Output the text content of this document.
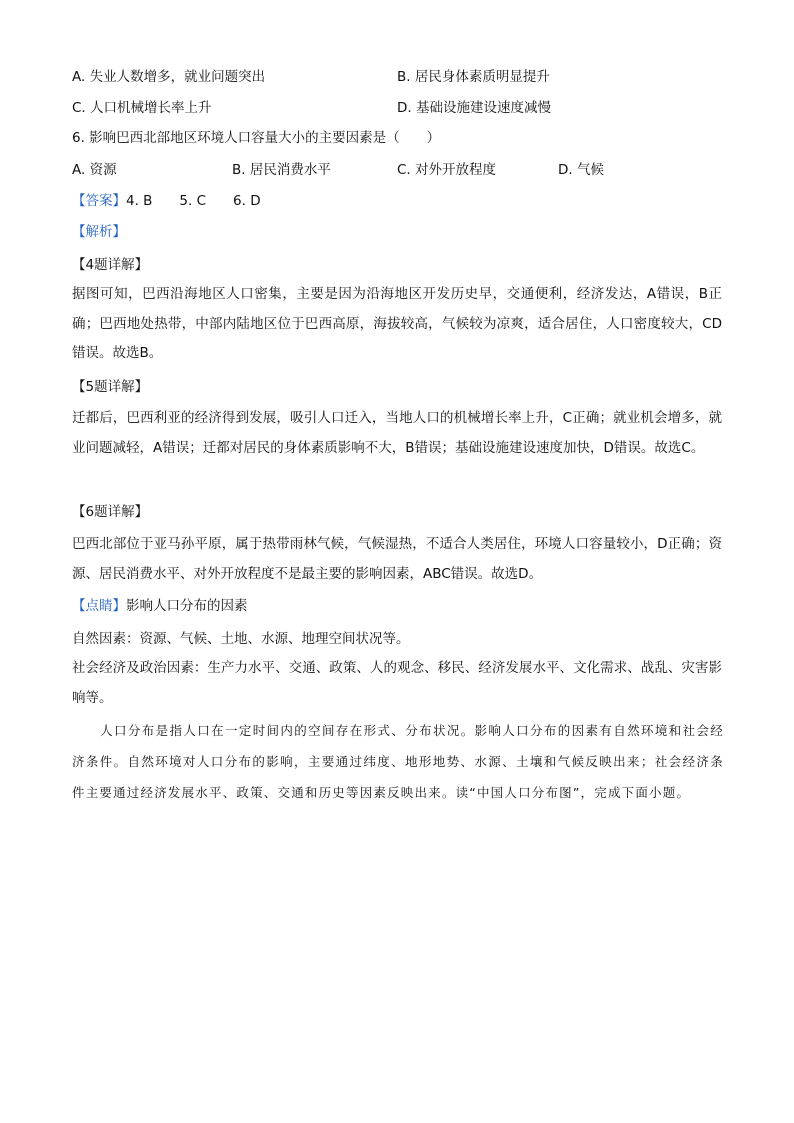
A. 失业人数增多，就业问题突出	B. 居民身体素质明显提升
C. 人口机械增长率上升	D. 基础设施建设速度减慢
6. 影响巴西北部地区环境人口容量大小的主要因素是（　　）
A. 资源	B. 居民消费水平	C. 对外开放程度	D. 气候
【答案】4. B　　5. C　　6. D
【解析】
【4题详解】
据图可知，巴西沿海地区人口密集，主要是因为沿海地区开发历史早，交通便利，经济发达，A错误，B正确；巴西地处热带，中部内陆地区位于巴西高原，海拔较高，气候较为凉爽，适合居住，人口密度较大，CD错误。故选B。
【5题详解】
迁都后，巴西利亚的经济得到发展，吸引人口迁入，当地人口的机械增长率上升，C正确；就业机会增多，就业问题减轻，A错误；迁都对居民的身体素质影响不大，B错误；基础设施建设速度加快，D错误。故选C。
【6题详解】
巴西北部位于亚马孙平原，属于热带雨林气候，气候湿热，不适合人类居住，环境人口容量较小，D正确；资源、居民消费水平、对外开放程度不是最主要的影响因素，ABC错误。故选D。
【点睛】影响人口分布的因素
自然因素：资源、气候、土地、水源、地理空间状况等。
社会经济及政治因素：生产力水平、交通、政策、人的观念、移民、经济发展水平、文化需求、战乱、灾害影响等。
人口分布是指人口在一定时间内的空间存在形式、分布状况。影响人口分布的因素有自然环境和社会经济条件。自然环境对人口分布的影响，主要通过纬度、地形地势、水源、土壤和气候反映出来；社会经济条件主要通过经济发展水平、政策、交通和历史等因素反映出来。读“中国人口分布图”，完成下面小题。
